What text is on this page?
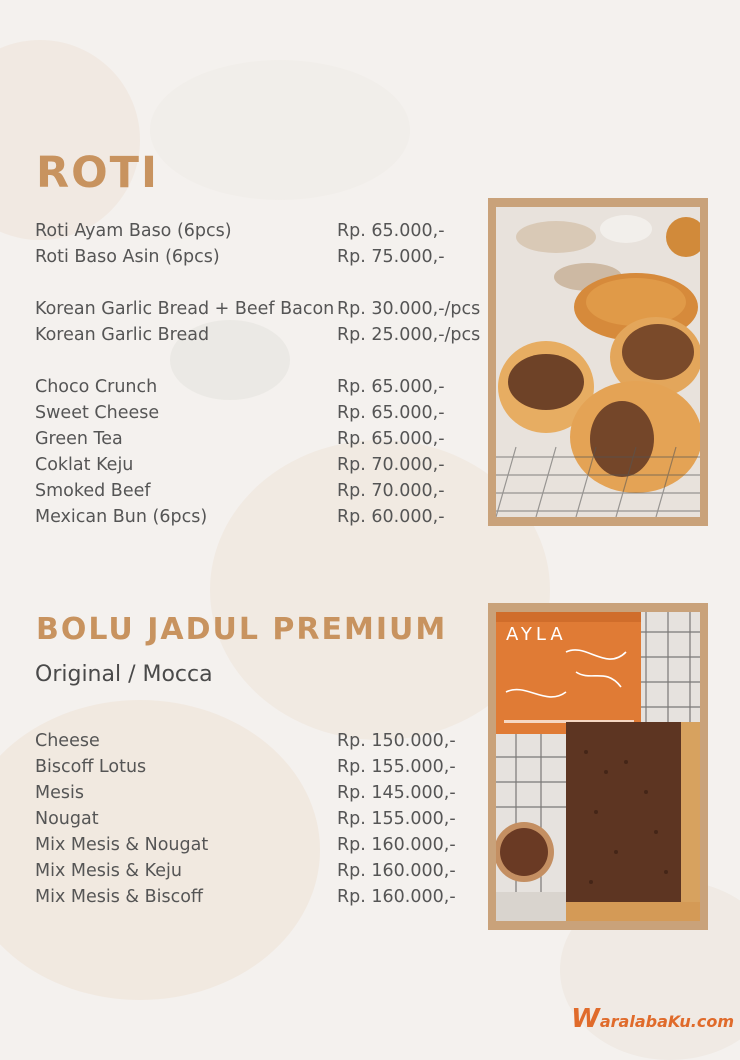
ROTI
Roti Ayam Baso (6pcs)	Rp. 65.000,-
Roti Baso Asin (6pcs)	Rp. 75.000,-
Korean Garlic Bread + Beef Bacon Rp. 30.000,-/pcs
Korean Garlic Bread	Rp. 25.000,-/pcs
Choco Crunch	Rp. 65.000,-
Sweet Cheese	Rp. 65.000,-
Green Tea	Rp. 65.000,-
Coklat Keju	Rp. 70.000,-
Smoked Beef	Rp. 70.000,-
Mexican Bun (6pcs)	Rp. 60.000,-
BOLU JADUL PREMIUM

Original / Mocca

Cheese	Rp. 150.000,-
Biscoff Lotus	Rp. 155.000,-
Mesis	Rp. 145.000,-
Nougat	Rp. 155.000,-
Mix Mesis & Nougat	Rp. 160.000,-
Mix Mesis & Keju	Rp. 160.000,-
Mix Mesis & Biscoff	Rp. 160.000,-
AYLA
WaralabaKu.com
